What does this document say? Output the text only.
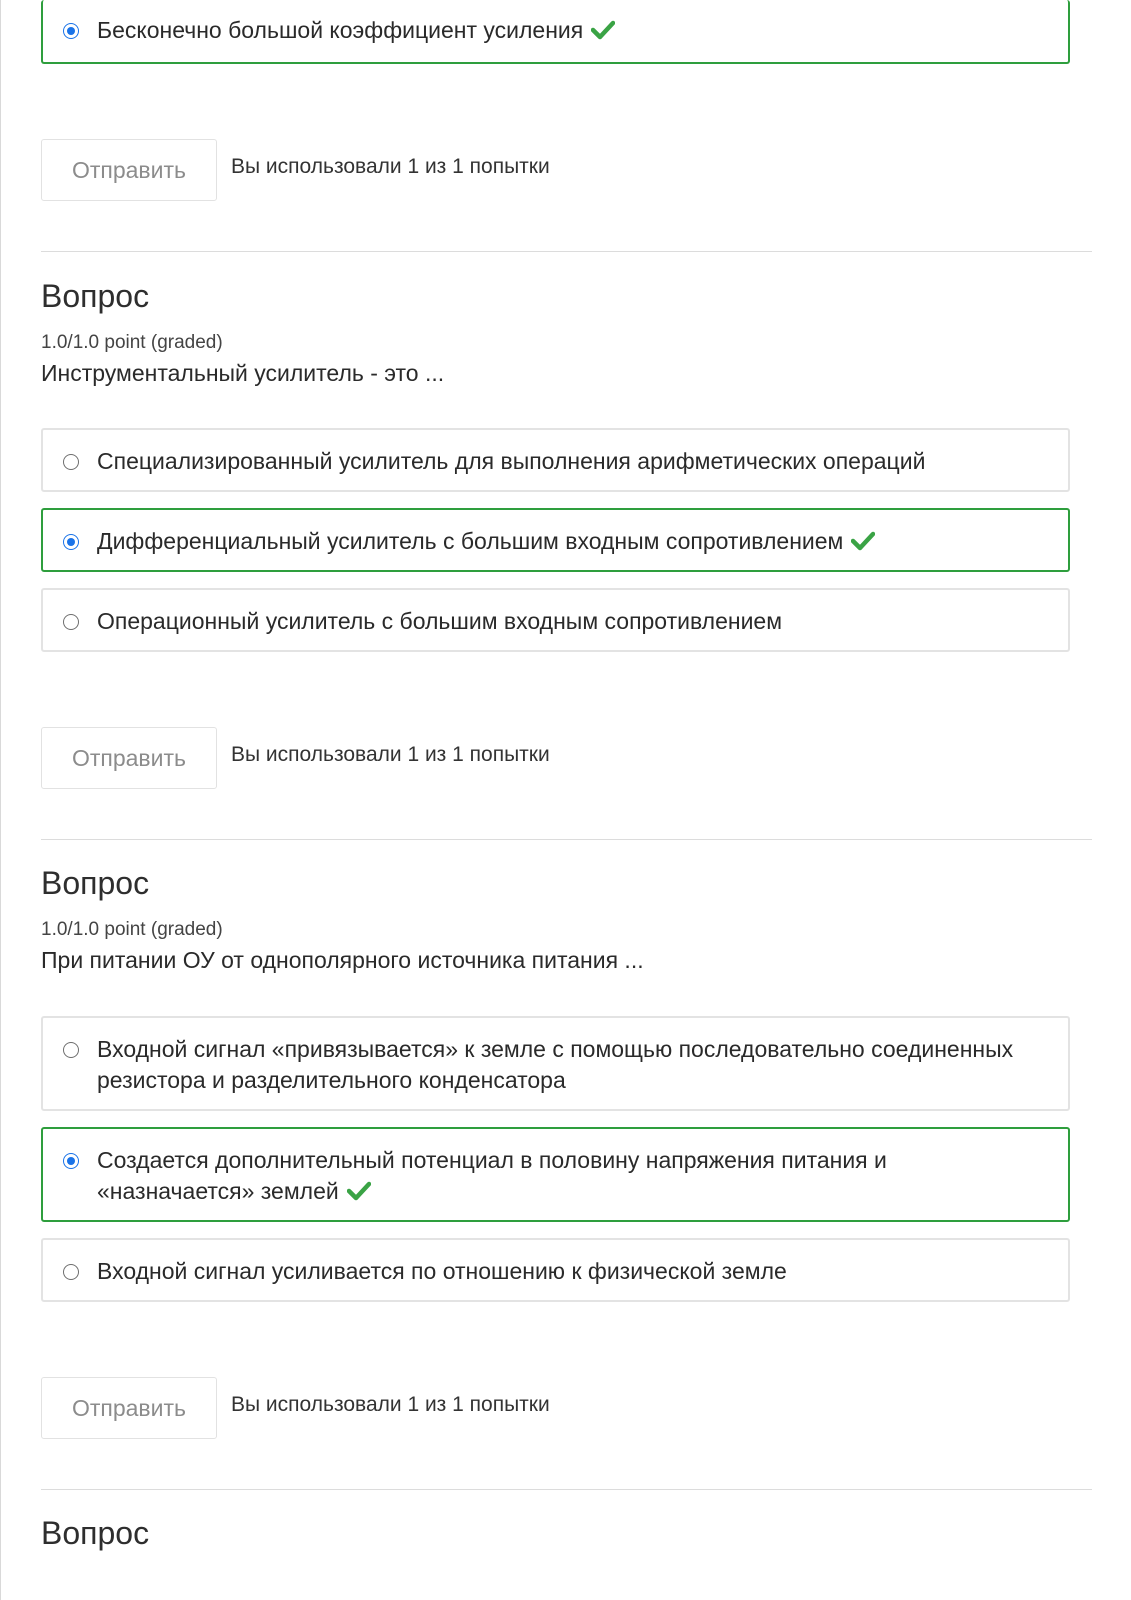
Бесконечно большой коэффициент усиления
Отправить	Вы использовали 1 из 1 попытки
Вопрос
1.0/1.0 point (graded)
Инструментальный усилитель - это ...
Специализированный усилитель для выполнения арифметических операций
Дифференциальный усилитель с большим входным сопротивлением
Операционный усилитель с большим входным сопротивлением
Отправить	Вы использовали 1 из 1 попытки
Вопрос
1.0/1.0 point (graded)
При питании ОУ от однополярного источника питания ...
Входной сигнал «привязывается» к земле с помощью последовательно соединенных резистора и разделительного конденсатора
Создается дополнительный потенциал в половину напряжения питания и «назначается» землей
Входной сигнал усиливается по отношению к физической земле
Отправить	Вы использовали 1 из 1 попытки
Вопрос
